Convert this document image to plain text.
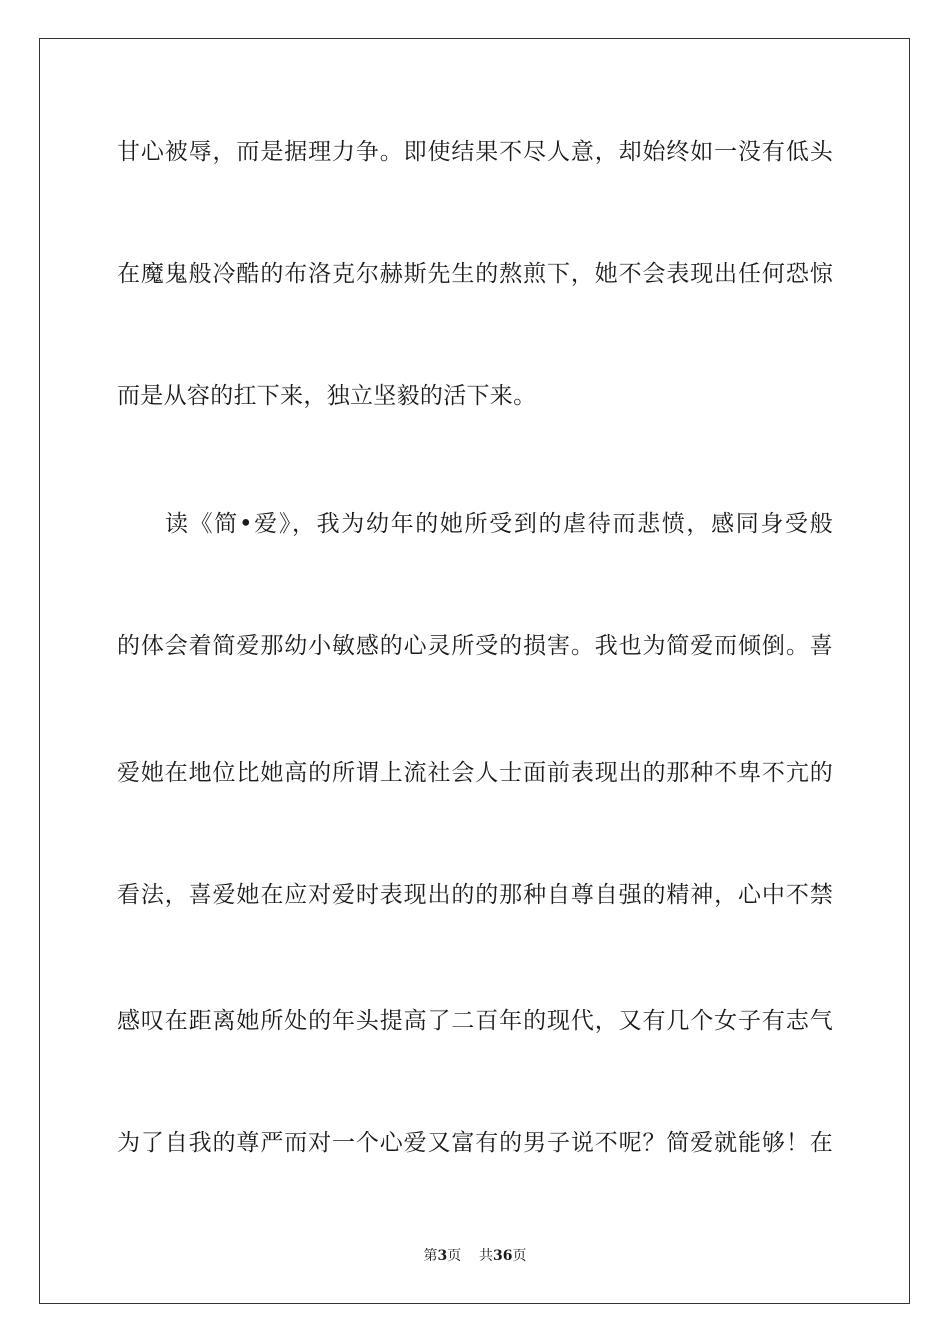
甘心被辱，而是据理力争。即使结果不尽人意，却始终如一没有低头
在魔鬼般冷酷的布洛克尔赫斯先生的熬煎下，她不会表现出任何恐惊
而是从容的扛下来，独立坚毅的活下来。
读《简•爱》，我为幼年的她所受到的虐待而悲愤，感同身受般
的体会着简爱那幼小敏感的心灵所受的损害。我也为简爱而倾倒。喜
爱她在地位比她高的所谓上流社会人士面前表现出的那种不卑不亢的
看法，喜爱她在应对爱时表现出的的那种自尊自强的精神，心中不禁
感叹在距离她所处的年头提高了二百年的现代，又有几个女子有志气
为了自我的尊严而对一个心爱又富有的男子说不呢？简爱就能够！在
第3页 共36页
